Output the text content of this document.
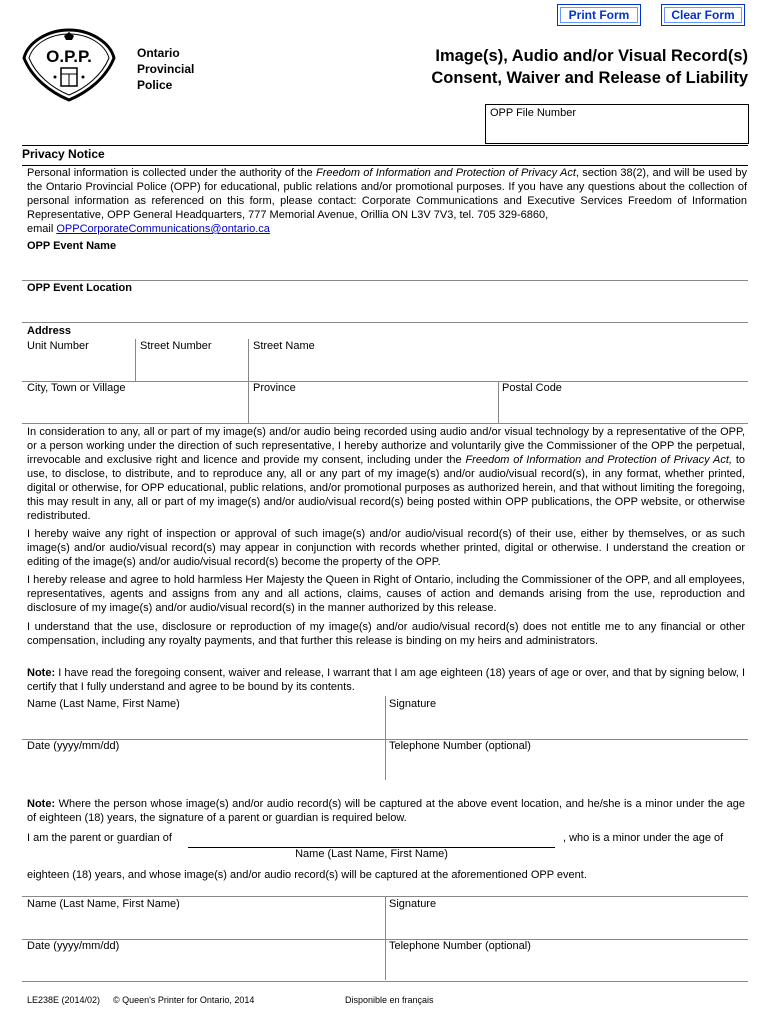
Print Form	Clear Form
O.P.P.	Ontario
Provincial
Police
Image(s), Audio and/or Visual Record(s)
Consent, Waiver and Release of Liability
OPP File Number
Privacy Notice
Personal information is collected under the authority of the Freedom of Information and Protection of Privacy Act, section 38(2), and will be used by the Ontario Provincial Police (OPP) for educational, public relations and/or promotional purposes. If you have any questions about the collection of personal information as referenced on this form, please contact: Corporate Communications and Executive Services Freedom of Information Representative, OPP General Headquarters, 777 Memorial Avenue, Orillia ON L3V 7V3, tel. 705 329-6860,
email OPPCorporateCommunications@ontario.ca
OPP Event Name
OPP Event Location
Address
Unit Number	Street Number	Street Name
City, Town or Village	Province	Postal Code
In consideration to any, all or part of my image(s) and/or audio being recorded using audio and/or visual technology by a representative of the OPP, or a person working under the direction of such representative, I hereby authorize and voluntarily give the Commissioner of the OPP the perpetual, irrevocable and exclusive right and licence and provide my consent, including under the Freedom of Information and Protection of Privacy Act, to use, to disclose, to distribute, and to reproduce any, all or any part of my image(s) and/or audio/visual record(s), in any format, whether printed, digital or otherwise, for OPP educational, public relations, and/or promotional purposes as authorized herein, and that without limiting the foregoing, this may result in any, all or part of my image(s) and/or audio/visual record(s) being posted within OPP publications, the OPP website, or otherwise redistributed.
I hereby waive any right of inspection or approval of such image(s) and/or audio/visual record(s) of their use, either by themselves, or as such image(s) and/or audio/visual record(s) may appear in conjunction with records whether printed, digital or otherwise. I understand the creation or editing of the image(s) and/or audio/visual record(s) become the property of the OPP.
I hereby release and agree to hold harmless Her Majesty the Queen in Right of Ontario, including the Commissioner of the OPP, and all employees, representatives, agents and assigns from any and all actions, claims, causes of action and demands arising from the use, reproduction and disclosure of my image(s) and/or audio/visual record(s) in the manner authorized by this release.
I understand that the use, disclosure or reproduction of my image(s) and/or audio/visual record(s) does not entitle me to any financial or other compensation, including any royalty payments, and that further this release is binding on my heirs and administrators.
Note: I have read the foregoing consent, waiver and release, I warrant that I am age eighteen (18) years of age or over, and that by signing below, I certify that I fully understand and agree to be bound by its contents.
Name (Last Name, First Name)	Signature
Date (yyyy/mm/dd)	Telephone Number (optional)
Note: Where the person whose image(s) and/or audio record(s) will be captured at the above event location, and he/she is a minor under the age of eighteen (18) years, the signature of a parent or guardian is required below.
I am the parent or guardian of	, who is a minor under the age of
Name (Last Name, First Name)
eighteen (18) years, and whose image(s) and/or audio record(s) will be captured at the aforementioned OPP event.
Name (Last Name, First Name)	Signature
Date (yyyy/mm/dd)	Telephone Number (optional)
LE238E (2014/02) © Queen's Printer for Ontario, 2014	Disponible en français
